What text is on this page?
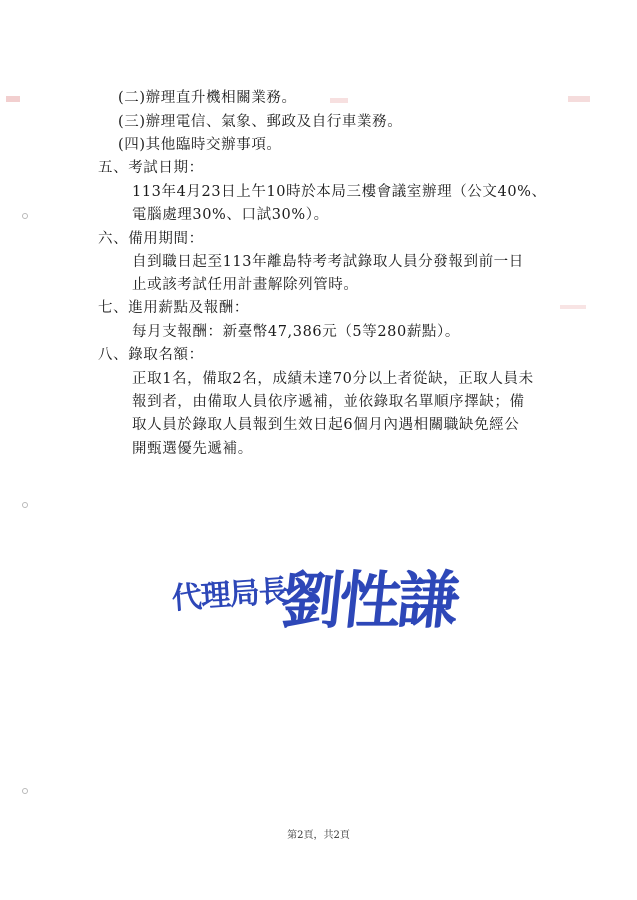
(二)辦理直升機相關業務。
(三)辦理電信、氣象、郵政及自行車業務。
(四)其他臨時交辦事項。
五、考試日期：
113年4月23日上午10時於本局三樓會議室辦理（公文40%、
電腦處理30%、口試30%）。
六、備用期間：
自到職日起至113年離島特考考試錄取人員分發報到前一日
止或該考試任用計畫解除列管時。
七、進用薪點及報酬：
每月支報酬：新臺幣47,386元（5等280薪點）。
八、錄取名額：
正取1名，備取2名，成績未達70分以上者從缺，正取人員未
報到者，由備取人員依序遞補，並依錄取名單順序擇缺；備
取人員於錄取人員報到生效日起6個月內遇相關職缺免經公
開甄選優先遞補。
代理局長
劉性謙
第2頁，共2頁
